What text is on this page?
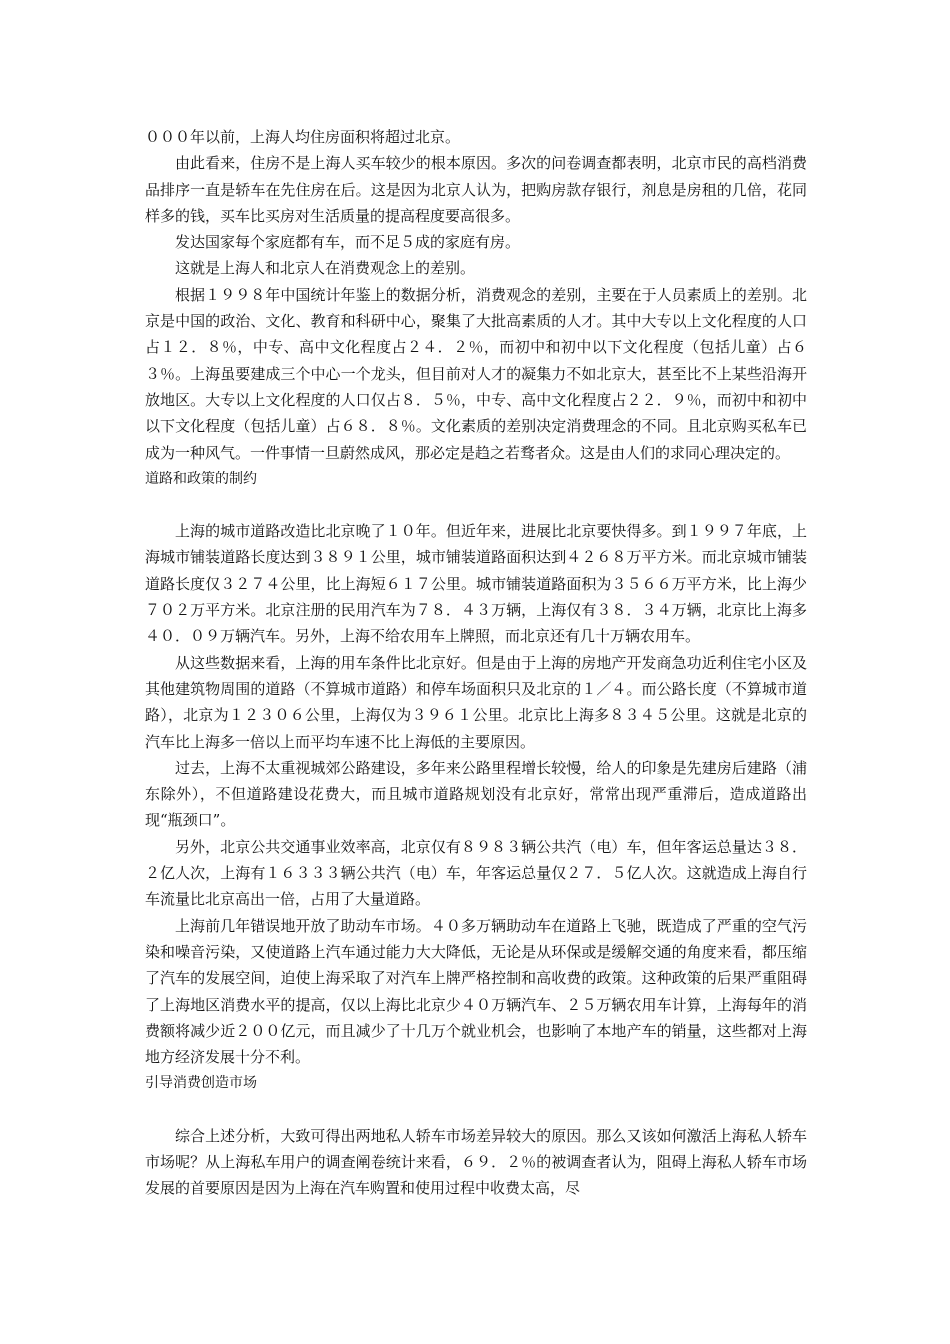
０００年以前，上海人均住房面积将超过北京。

由此看来，住房不是上海人买车较少的根本原因。多次的问卷调查都表明，北京市民的高档消费品排序一直是轿车在先住房在后。这是因为北京人认为，把购房款存银行，剂息是房租的几倍，花同样多的钱，买车比买房对生活质量的提高程度要高很多。

发达国家每个家庭都有车，而不足５成的家庭有房。

这就是上海人和北京人在消费观念上的差别。

根据１９９８年中国统计年鉴上的数据分析，消费观念的差别，主要在于人员素质上的差别。北京是中国的政治、文化、教育和科研中心，聚集了大批高素质的人才。其中大专以上文化程度的人口占１２．８％，中专、高中文化程度占２４．２％，而初中和初中以下文化程度（包括儿童）占６３％。上海虽要建成三个中心一个龙头，但目前对人才的凝集力不如北京大，甚至比不上某些沿海开放地区。大专以上文化程度的人口仅占８．５％，中专、高中文化程度占２２．９％，而初中和初中以下文化程度（包括儿童）占６８．８％。文化素质的差别决定消费理念的不同。且北京购买私车已成为一种风气。一件事情一旦蔚然成风，那必定是趋之若骛者众。这是由人们的求同心理决定的。

道路和政策的制约

上海的城市道路改造比北京晚了１０年。但近年来，进展比北京要快得多。到１９９７年底，上海城市铺装道路长度达到３８９１公里，城市铺装道路面积达到４２６８万平方米。而北京城市铺装道路长度仅３２７４公里，比上海短６１７公里。城市铺装道路面积为３５６６万平方米，比上海少７０２万平方米。北京注册的民用汽车为７８．４３万辆，上海仅有３８．３４万辆，北京比上海多４０．０９万辆汽车。另外，上海不给农用车上牌照，而北京还有几十万辆农用车。

从这些数据来看，上海的用车条件比北京好。但是由于上海的房地产开发商急功近利住宅小区及其他建筑物周围的道路（不算城市道路）和停车场面积只及北京的１／４。而公路长度（不算城市道路），北京为１２３０６公里，上海仅为３９６１公里。北京比上海多８３４５公里。这就是北京的汽车比上海多一倍以上而平均车速不比上海低的主要原因。

过去，上海不太重视城郊公路建设，多年来公路里程增长较慢，给人的印象是先建房后建路（浦东除外），不但道路建设花费大，而且城市道路规划没有北京好，常常出现严重滞后，造成道路出现“瓶颈口”。

另外，北京公共交通事业效率高，北京仅有８９８３辆公共汽（电）车，但年客运总量达３８．２亿人次，上海有１６３３３辆公共汽（电）车，年客运总量仅２７．５亿人次。这就造成上海自行车流量比北京高出一倍，占用了大量道路。

上海前几年错误地开放了助动车市场。４０多万辆助动车在道路上飞驰，既造成了严重的空气污染和噪音污染，又使道路上汽车通过能力大大降低，无论是从环保或是缓解交通的角度来看，都压缩了汽车的发展空间，迫使上海采取了对汽车上牌严格控制和高收费的政策。这种政策的后果严重阻碍了上海地区消费水平的提高，仅以上海比北京少４０万辆汽车、２５万辆农用车计算，上海每年的消费额将减少近２００亿元，而且减少了十几万个就业机会，也影响了本地产车的销量，这些都对上海地方经济发展十分不利。

引导消费创造市场

综合上述分析，大致可得出两地私人轿车市场差异较大的原因。那么又该如何激活上海私人轿车市场呢？从上海私车用户的调查阐卷统计来看，６９．２％的被调查者认为，阻碍上海私人轿车市场发展的首要原因是因为上海在汽车购置和使用过程中收费太高，尽
